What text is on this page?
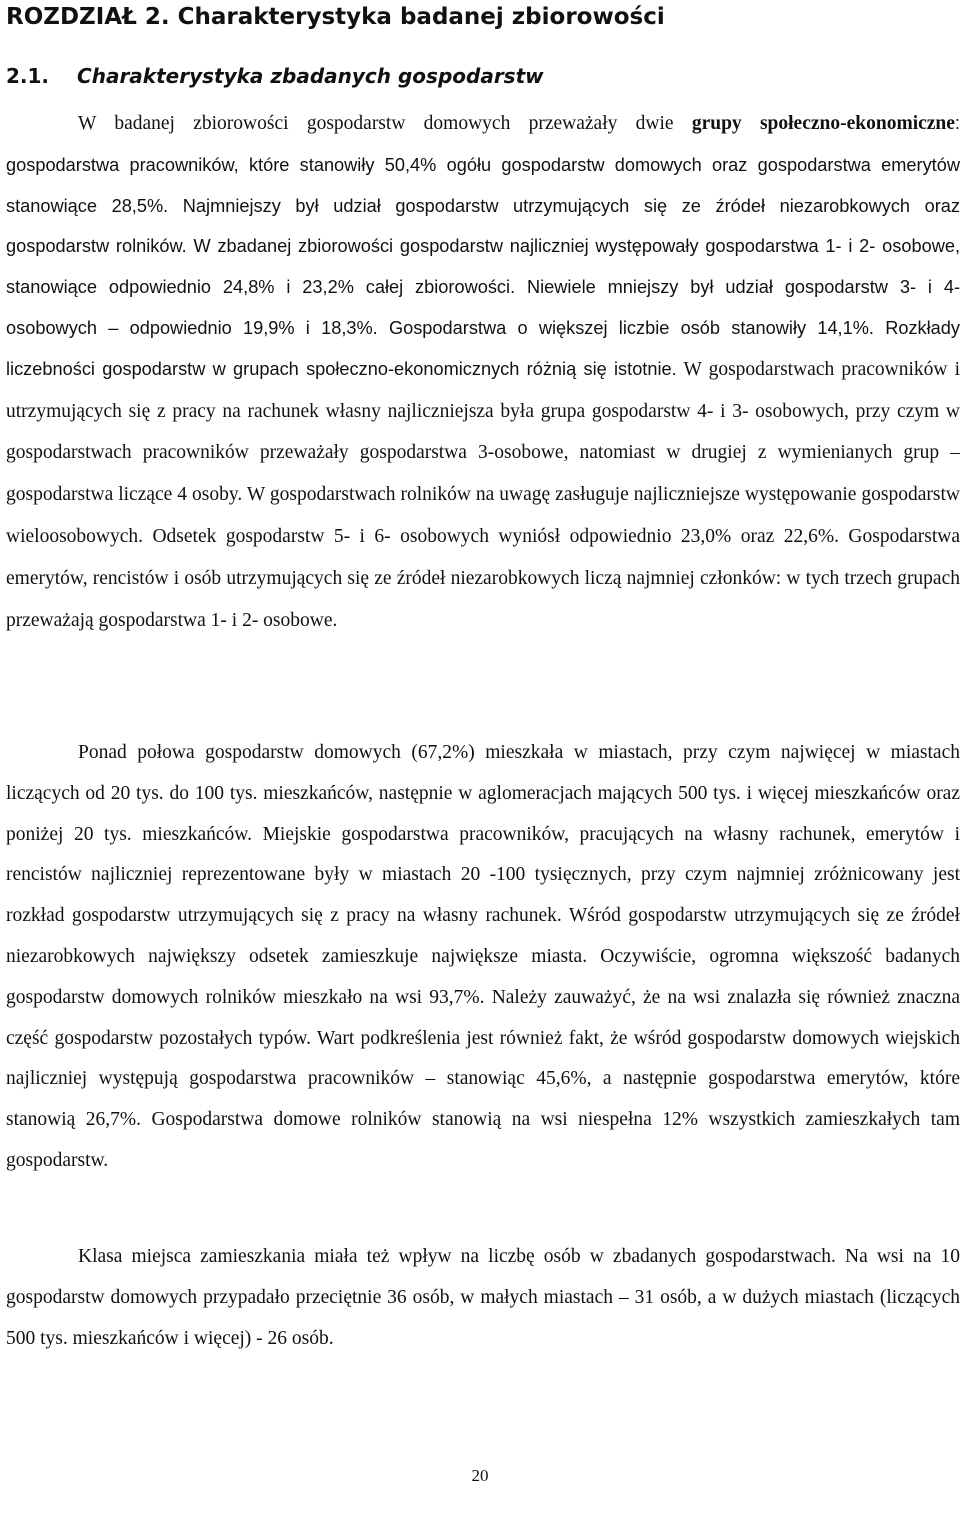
ROZDZIAŁ 2. Charakterystyka badanej zbiorowości
2.1. Charakterystyka zbadanych gospodarstw

W badanej zbiorowości gospodarstw domowych przeważały dwie grupy społeczno-ekonomiczne: gospodarstwa pracowników, które stanowiły 50,4% ogółu gospodarstw domowych oraz gospodarstwa emerytów stanowiące 28,5%. Najmniejszy był udział gospodarstw utrzymujących się ze źródeł niezarobkowych oraz gospodarstw rolników. W zbadanej zbiorowości gospodarstw najliczniej występowały gospodarstwa 1- i 2- osobowe, stanowiące odpowiednio 24,8% i 23,2% całej zbiorowości. Niewiele mniejszy był udział gospodarstw 3- i 4- osobowych – odpowiednio 19,9% i 18,3%. Gospodarstwa o większej liczbie osób stanowiły 14,1%. Rozkłady liczebności gospodarstw w grupach społeczno-ekonomicznych różnią się istotnie. W gospodarstwach pracowników i utrzymujących się z pracy na rachunek własny najliczniejsza była grupa gospodarstw 4- i 3- osobowych, przy czym w gospodarstwach pracowników przeważały gospodarstwa 3-osobowe, natomiast w drugiej z wymienianych grup – gospodarstwa liczące 4 osoby. W gospodarstwach rolników na uwagę zasługuje najliczniejsze występowanie gospodarstw wieloosobowych. Odsetek gospodarstw 5- i 6- osobowych wyniósł odpowiednio 23,0% oraz 22,6%. Gospodarstwa emerytów, rencistów i osób utrzymujących się ze źródeł niezarobkowych liczą najmniej członków: w tych trzech grupach przeważają gospodarstwa 1- i 2- osobowe.

Ponad połowa gospodarstw domowych (67,2%) mieszkała w miastach, przy czym najwięcej w miastach liczących od 20 tys. do 100 tys. mieszkańców, następnie w aglomeracjach mających 500 tys. i więcej mieszkańców oraz poniżej 20 tys. mieszkańców. Miejskie gospodarstwa pracowników, pracujących na własny rachunek, emerytów i rencistów najliczniej reprezentowane były w miastach 20 -100 tysięcznych, przy czym najmniej zróżnicowany jest rozkład gospodarstw utrzymujących się z pracy na własny rachunek. Wśród gospodarstw utrzymujących się ze źródeł niezarobkowych największy odsetek zamieszkuje największe miasta. Oczywiście, ogromna większość badanych gospodarstw domowych rolników mieszkało na wsi 93,7%. Należy zauważyć, że na wsi znalazła się również znaczna część gospodarstw pozostałych typów. Wart podkreślenia jest również fakt, że wśród gospodarstw domowych wiejskich najliczniej występują gospodarstwa pracowników – stanowiąc 45,6%, a następnie gospodarstwa emerytów, które stanowią 26,7%. Gospodarstwa domowe rolników stanowią na wsi niespełna 12% wszystkich zamieszkałych tam gospodarstw.

Klasa miejsca zamieszkania miała też wpływ na liczbę osób w zbadanych gospodarstwach. Na wsi na 10 gospodarstw domowych przypadało przeciętnie 36 osób, w małych miastach – 31 osób, a w dużych miastach (liczących 500 tys. mieszkańców i więcej) - 26 osób.

20
